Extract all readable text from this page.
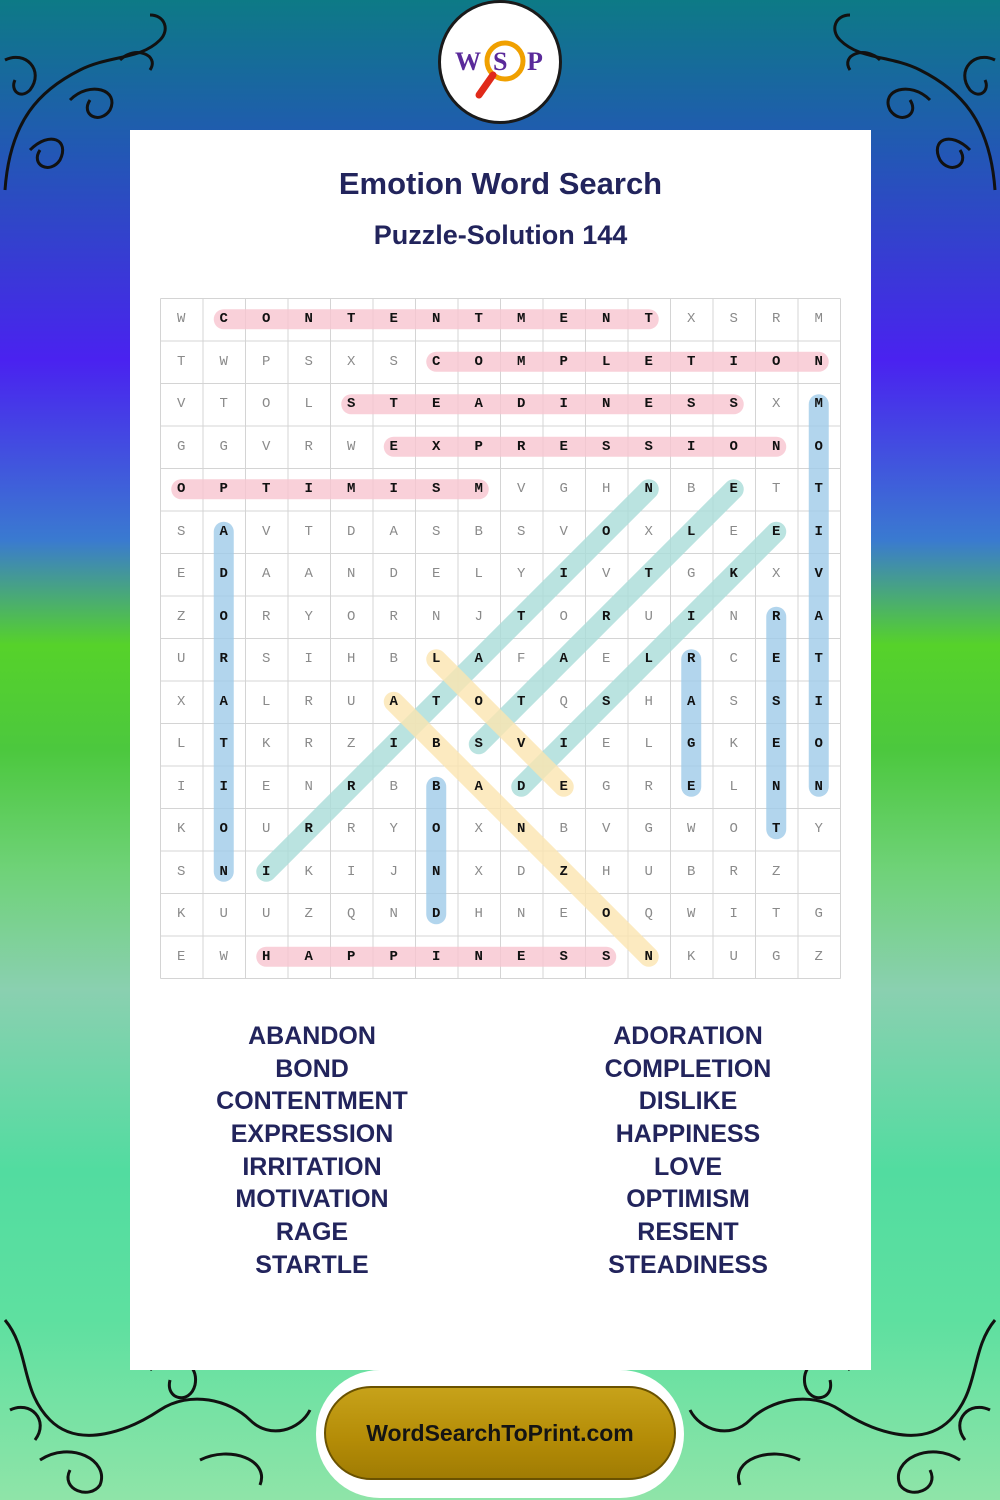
W S P
Emotion Word Search
Puzzle-Solution 144
W	C	O	N	T	E	N	T	M	E	N	T	X	S	R	M
T	W	P	S	X	S	C	O	M	P	L	E	T	I	O	N
V	T	O	L	S	T	E	A	D	I	N	E	S	S	X	M
G	G	V	R	W	E	X	P	R	E	S	S	I	O	N	O
O	P	T	I	M	I	S	M	V	G	H	N	B	E	T	T
S	A	V	T	D	A	S	B	S	V	O	X	L	E	E	I
E	D	A	A	N	D	E	L	Y	I	V	T	G	K	X	V
Z	O	R	Y	O	R	N	J	T	O	R	U	I	N	R	A
U	R	S	I	H	B	L	A	F	A	E	L	R	C	E	T
X	A	L	R	U	A	T	O	T	Q	S	H	A	S	S	I
L	T	K	R	Z	I	B	S	V	I	E	L	G	K	E	O
I	I	E	N	R	B	B	A	D	E	G	R	E	L	N	N
K	O	U	R	R	Y	O	X	N	B	V	G	W	O	T	Y
S	N	I	K	I	J	N	X	D	Z	H	U	B	R	Z
K	U	U	Z	Q	N	D	H	N	E	O	Q	W	I	T	G
E	W	H	A	P	P	I	N	E	S	S	N	K	U	G	Z
ABANDON
BOND
CONTENTMENT
EXPRESSION
IRRITATION
MOTIVATION
RAGE
STARTLE
ADORATION
COMPLETION
DISLIKE
HAPPINESS
LOVE
OPTIMISM
RESENT
STEADINESS
WordSearchToPrint.com
